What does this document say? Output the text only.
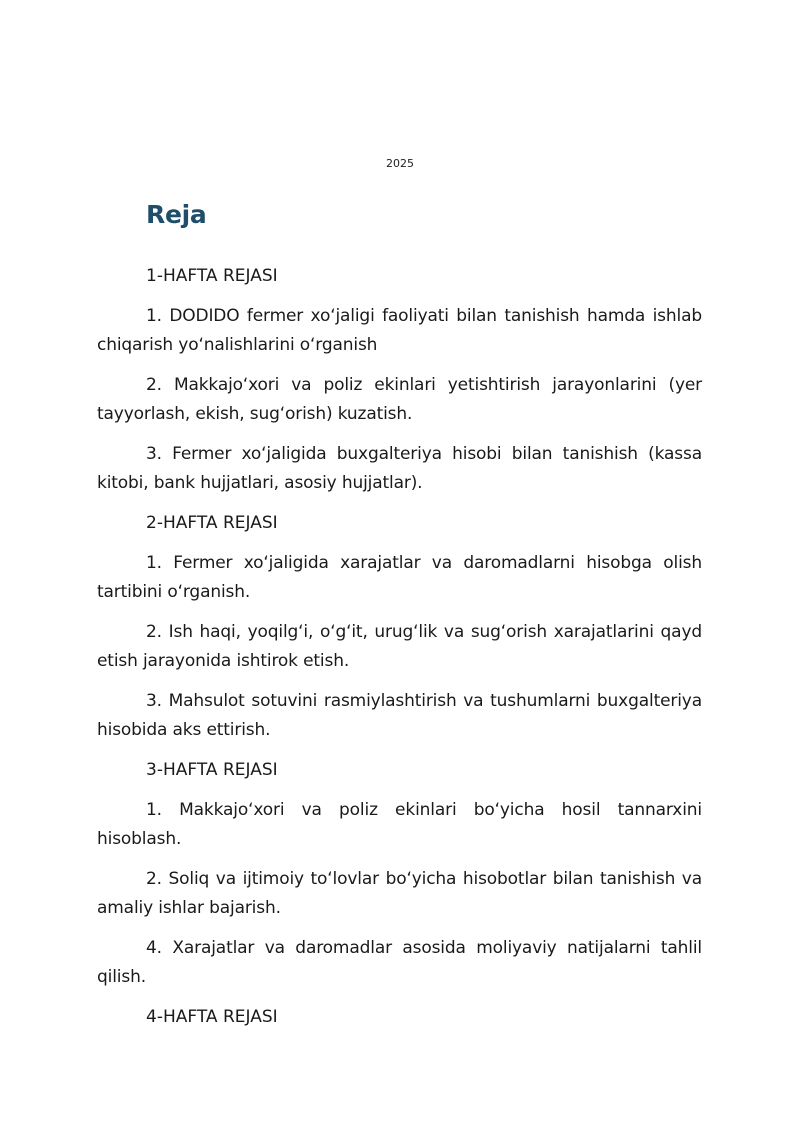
2025
Reja

1-HAFTA REJASI

1. DODIDO fermer xo‘jaligi faoliyati bilan tanishish hamda ishlab chiqarish yo‘nalishlarini o‘rganish

2. Makkajo‘xori va poliz ekinlari yetishtirish jarayonlarini (yer tayyorlash, ekish, sug‘orish) kuzatish.

3. Fermer xo‘jaligida buxgalteriya hisobi bilan tanishish (kassa kitobi, bank hujjatlari, asosiy hujjatlar).

2-HAFTA REJASI

1. Fermer xo‘jaligida xarajatlar va daromadlarni hisobga olish tartibini o‘rganish.

2. Ish haqi, yoqilg‘i, o‘g‘it, urug‘lik va sug‘orish xarajatlarini qayd etish jarayonida ishtirok etish.

3. Mahsulot sotuvini rasmiylashtirish va tushumlarni buxgalteriya hisobida aks ettirish.

3-HAFTA REJASI

1. Makkajo‘xori va poliz ekinlari bo‘yicha hosil tannarxini hisoblash.

2. Soliq va ijtimoiy to‘lovlar bo‘yicha hisobotlar bilan tanishish va amaliy ishlar bajarish.

4. Xarajatlar va daromadlar asosida moliyaviy natijalarni tahlil qilish.

4-HAFTA REJASI
